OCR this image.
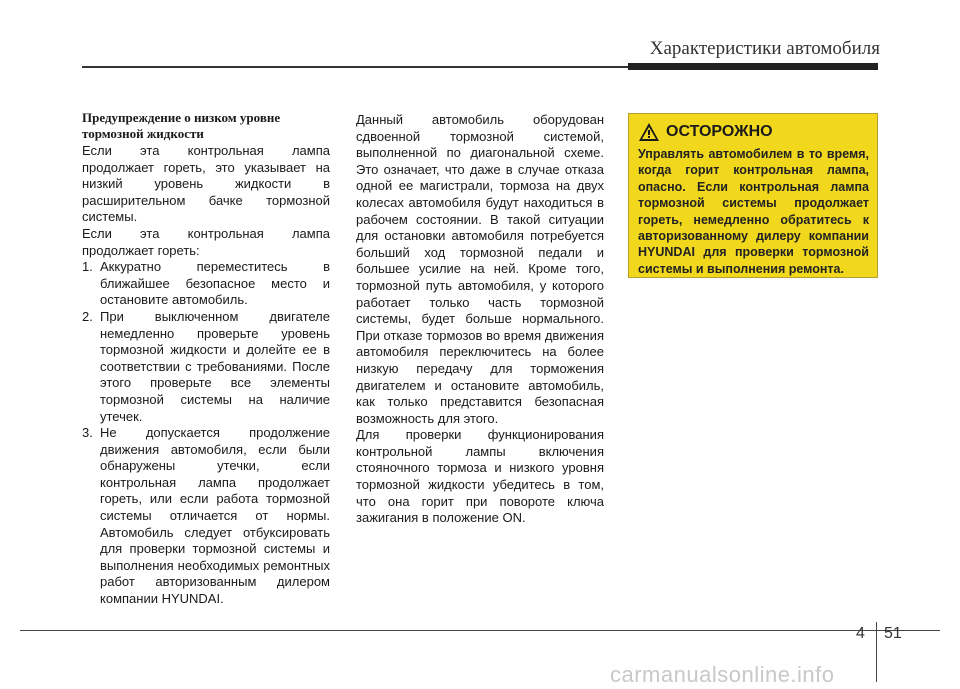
Характеристики автомобиля
Предупреждение о низком уровне тормозной жидкости
Если эта контрольная лампа продолжает гореть, это указывает на низкий уровень жидкости в расширительном бачке тормозной системы.
Если эта контрольная лампа продолжает гореть:
1. Аккуратно переместитесь в ближайшее безопасное место и остановите автомобиль.
2. При выключенном двигателе немедленно проверьте уровень тормозной жидкости и долейте ее в соответствии с требованиями. После этого проверьте все элементы тормозной системы на наличие утечек.
3. Не допускается продолжение движения автомобиля, если были обнаружены утечки, если контрольная лампа продолжает гореть, или если работа тормозной системы отличается от нормы. Автомобиль следует отбуксировать для проверки тормозной системы и выполнения необходимых ремонтных работ авторизованным дилером компании HYUNDAI.
Данный автомобиль оборудован сдвоенной тормозной системой, выполненной по диагональной схеме. Это означает, что даже в случае отказа одной ее магистрали, тормоза на двух колесах автомобиля будут находиться в рабочем состоянии. В такой ситуации для остановки автомобиля потребуется больший ход тормозной педали и большее усилие на ней. Кроме того, тормозной путь автомобиля, у которого работает только часть тормозной системы, будет больше нормального. При отказе тормозов во время движения автомобиля переключитесь на более низкую передачу для торможения двигателем и остановите автомобиль, как только представится безопасная возможность для этого.
Для проверки функционирования контрольной лампы включения стояночного тормоза и низкого уровня тормозной жидкости убедитесь в том, что она горит при повороте ключа зажигания в положение ON.
ОСТОРОЖНО
Управлять автомобилем в то время, когда горит контрольная лампа, опасно. Если контрольная лампа тормозной системы продолжает гореть, немедленно обратитесь к авторизованному дилеру компании HYUNDAI для проверки тормозной системы и выполнения ремонта.
4 51
carmanualsonline.info
